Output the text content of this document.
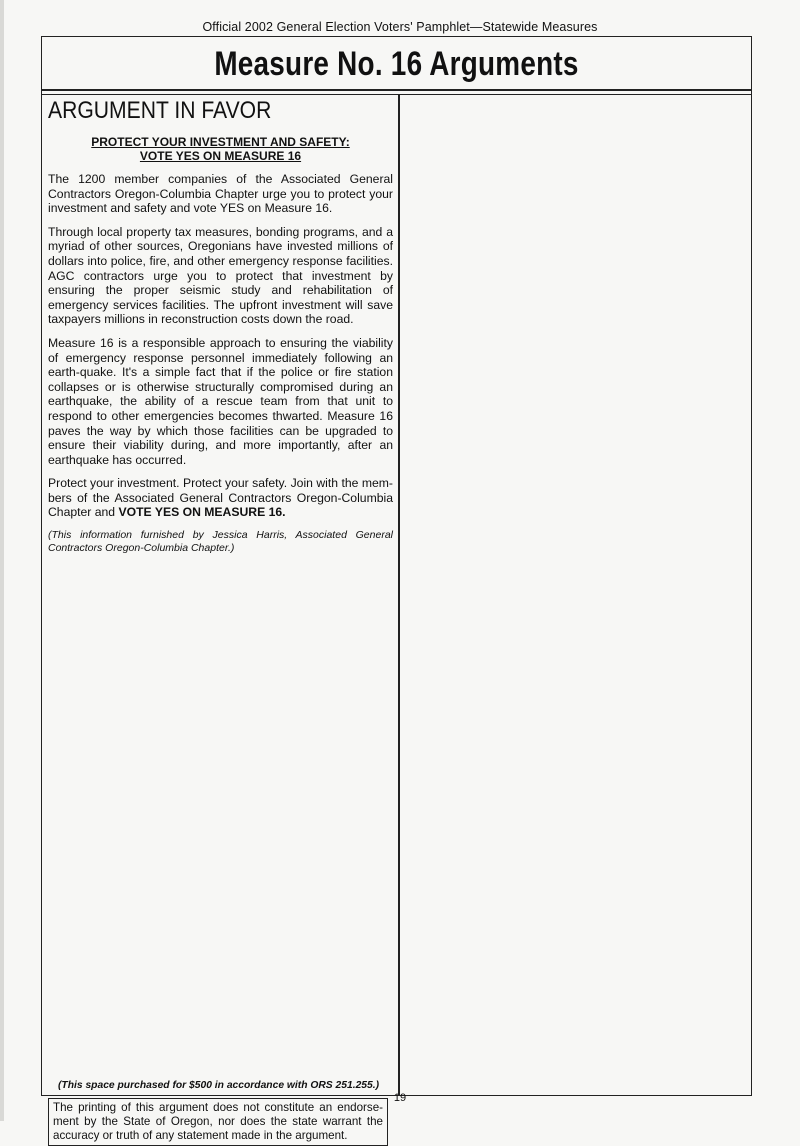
Official 2002 General Election Voters' Pamphlet—Statewide Measures
Measure No. 16 Arguments
ARGUMENT IN FAVOR
PROTECT YOUR INVESTMENT AND SAFETY:
VOTE YES ON MEASURE 16

The 1200 member companies of the Associated General Contractors Oregon-Columbia Chapter urge you to protect your investment and safety and vote YES on Measure 16.

Through local property tax measures, bonding programs, and a myriad of other sources, Oregonians have invested millions of dollars into police, fire, and other emergency response facilities. AGC contractors urge you to protect that investment by ensuring the proper seismic study and rehabilitation of emergency services facilities. The upfront investment will save taxpayers millions in reconstruction costs down the road.

Measure 16 is a responsible approach to ensuring the viability of emergency response personnel immediately following an earth-quake. It's a simple fact that if the police or fire station collapses or is otherwise structurally compromised during an earthquake, the ability of a rescue team from that unit to respond to other emergencies becomes thwarted. Measure 16 paves the way by which those facilities can be upgraded to ensure their viability during, and more importantly, after an earthquake has occurred.

Protect your investment. Protect your safety. Join with the mem-bers of the Associated General Contractors Oregon-Columbia Chapter and VOTE YES ON MEASURE 16.

(This information furnished by Jessica Harris, Associated General Contractors Oregon-Columbia Chapter.)

(This space purchased for $500 in accordance with ORS 251.255.)
The printing of this argument does not constitute an endorse-ment by the State of Oregon, nor does the state warrant the accuracy or truth of any statement made in the argument.
19
